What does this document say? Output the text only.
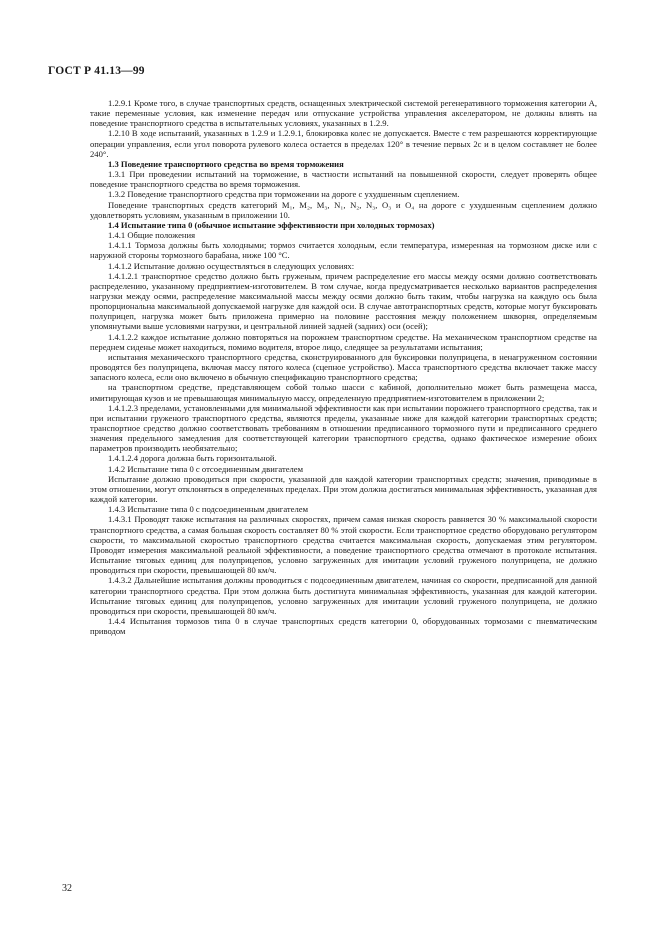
ГОСТ Р 41.13—99

1.2.9.1 Кроме того, в случае транспортных средств, оснащенных электрической системой регенеративного торможения категории А, такие переменные условия, как изменение передач или отпускание устройства управления акселератором, не должны влиять на поведение транспортного средства в испытательных условиях, указанных в 1.2.9.

1.2.10 В ходе испытаний, указанных в 1.2.9 и 1.2.9.1, блокировка колес не допускается. Вместе с тем разрешаются корректирующие операции управления, если угол поворота рулевого колеса остается в пределах 120° в течение первых 2с и в целом составляет не более 240°.

1.3 Поведение транспортного средства во время торможения

1.3.1 При проведении испытаний на торможение, в частности испытаний на повышенной скорости, следует проверять общее поведение транспортного средства во время торможения.

1.3.2 Поведение транспортного средства при торможении на дороге с ухудшенным сцеплением.

Поведение транспортных средств категорий M₁, M₂, M₃, N₁, N₂, N₃, O₃ и O₄ на дороге с ухудшенным сцеплением должно удовлетворять условиям, указанным в приложении 10.

1.4 Испытание типа 0 (обычное испытание эффективности при холодных тормозах)

1.4.1 Общие положения

1.4.1.1 Тормоза должны быть холодными; тормоз считается холодным, если температура, измеренная на тормозном диске или с наружной стороны тормозного барабана, ниже 100 °С.

1.4.1.2 Испытание должно осуществляться в следующих условиях:

1.4.1.2.1 транспортное средство должно быть груженым, причем распределение его массы между осями должно соответствовать распределению, указанному предприятием-изготовителем. В том случае, когда предусматривается несколько вариантов распределения нагрузки между осями, распределение максимальной массы между осями должно быть таким, чтобы нагрузка на каждую ось была пропорциональна максимальной допускаемой нагрузке для каждой оси. В случае автотранспортных средств, которые могут буксировать полуприцеп, нагрузка может быть приложена примерно на половине расстояния между положением шкворня, определяемым упомянутыми выше условиями нагрузки, и центральной линией задней (задних) оси (осей);

1.4.1.2.2 каждое испытание должно повторяться на порожнем транспортном средстве. На механическом транспортном средстве на переднем сиденье может находиться, помимо водителя, второе лицо, следящее за результатами испытания;

испытания механического транспортного средства, сконструированного для буксировки полуприцепа, в ненагруженном состоянии проводятся без полуприцепа, включая массу пятого колеса (сцепное устройство). Масса транспортного средства включает также массу запасного колеса, если оно включено в обычную спецификацию транспортного средства;

на транспортном средстве, представляющем собой только шасси с кабиной, дополнительно может быть размещена масса, имитирующая кузов и не превышающая минимальную массу, определенную предприятием-изготовителем в приложении 2;

1.4.1.2.3 пределами, установленными для минимальной эффективности как при испытании порожнего транспортного средства, так и при испытании груженого транспортного средства, являются пределы, указанные ниже для каждой категории транспортных средств; транспортное средство должно соответствовать требованиям в отношении предписанного тормозного пути и предписанного среднего значения предельного замедления для соответствующей категории транспортного средства, однако фактическое измерение обоих параметров производить необязательно;

1.4.1.2.4 дорога должна быть горизонтальной.

1.4.2 Испытание типа 0 с отсоединенным двигателем

Испытание должно проводиться при скорости, указанной для каждой категории транспортных средств; значения, приводимые в этом отношении, могут отклоняться в определенных пределах. При этом должна достигаться минимальная эффективность, указанная для каждой категории.

1.4.3 Испытание типа 0 с подсоединенным двигателем

1.4.3.1 Проводят также испытания на различных скоростях, причем самая низкая скорость равняется 30 % максимальной скорости транспортного средства, а самая большая скорость составляет 80 % этой скорости. Если транспортное средство оборудовано регулятором скорости, то максимальной скоростью транспортного средства считается максимальная скорость, допускаемая этим регулятором. Проводят измерения максимальной реальной эффективности, а поведение транспортного средства отмечают в протоколе испытания. Испытание тяговых единиц для полуприцепов, условно загруженных для имитации условий груженого полуприцепа, не должно проводиться при скорости, превышающей 80 км/ч.

1.4.3.2 Дальнейшие испытания должны проводиться с подсоединенным двигателем, начиная со скорости, предписанной для данной категории транспортного средства. При этом должна быть достигнута минимальная эффективность, указанная для каждой категории. Испытание тяговых единиц для полуприцепов, условно загруженных для имитации условий груженого полуприцепа, не должно проводиться при скорости, превышающей 80 км/ч.

1.4.4 Испытания тормозов типа 0 в случае транспортных средств категории 0, оборудованных тормозами с пневматическим приводом

32
